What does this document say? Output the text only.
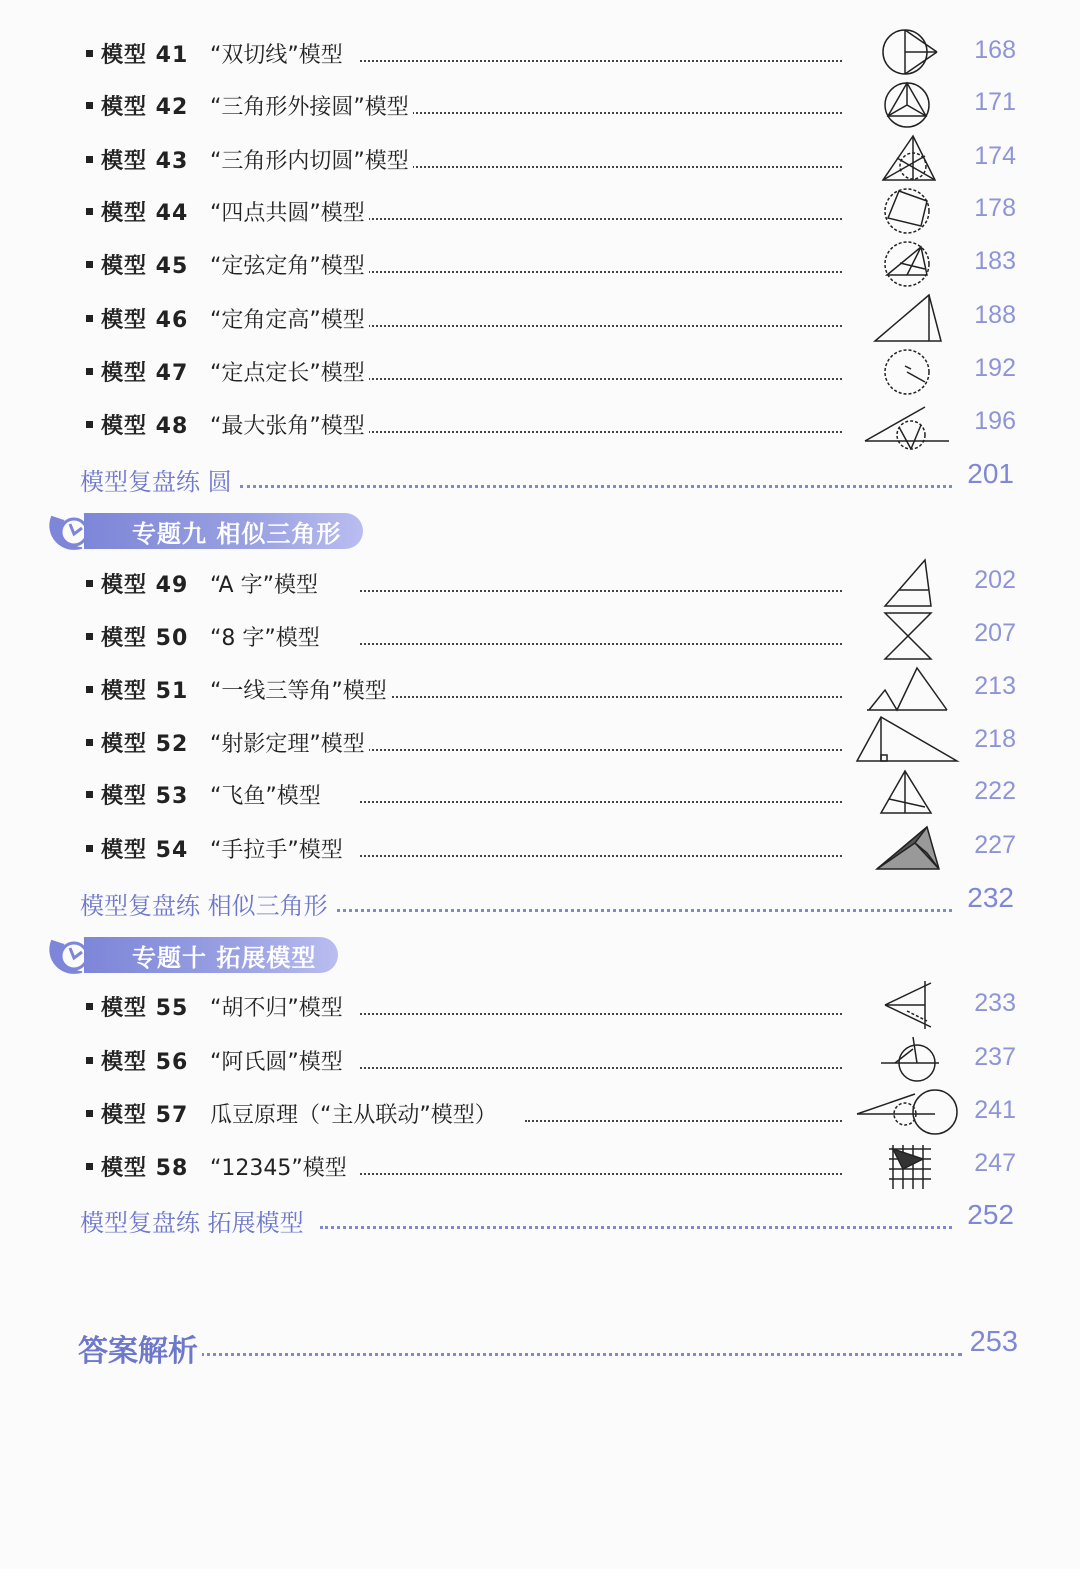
模型 41 “双切线”模型	168
模型 42 “三角形外接圆”模型	171
模型 43 “三角形内切圆”模型	174
模型 44 “四点共圆”模型	178
模型 45 “定弦定角”模型	183
模型 46 “定角定高”模型	188
模型 47 “定点定长”模型	192
模型 48 “最大张角”模型	196
模型复盘练 圆	201
专题九 相似三角形
模型 49 “A 字”模型	202
模型 50 “8 字”模型	207
模型 51 “一线三等角”模型	213
模型 52 “射影定理”模型	218
模型 53 “飞鱼”模型	222
模型 54 “手拉手”模型	227
模型复盘练 相似三角形	232
专题十 拓展模型
模型 55 “胡不归”模型	233
模型 56 “阿氏圆”模型	237
模型 57 瓜豆原理（“主从联动”模型）	241
模型 58 “12345”模型	247
模型复盘练 拓展模型	252
答案解析	253
